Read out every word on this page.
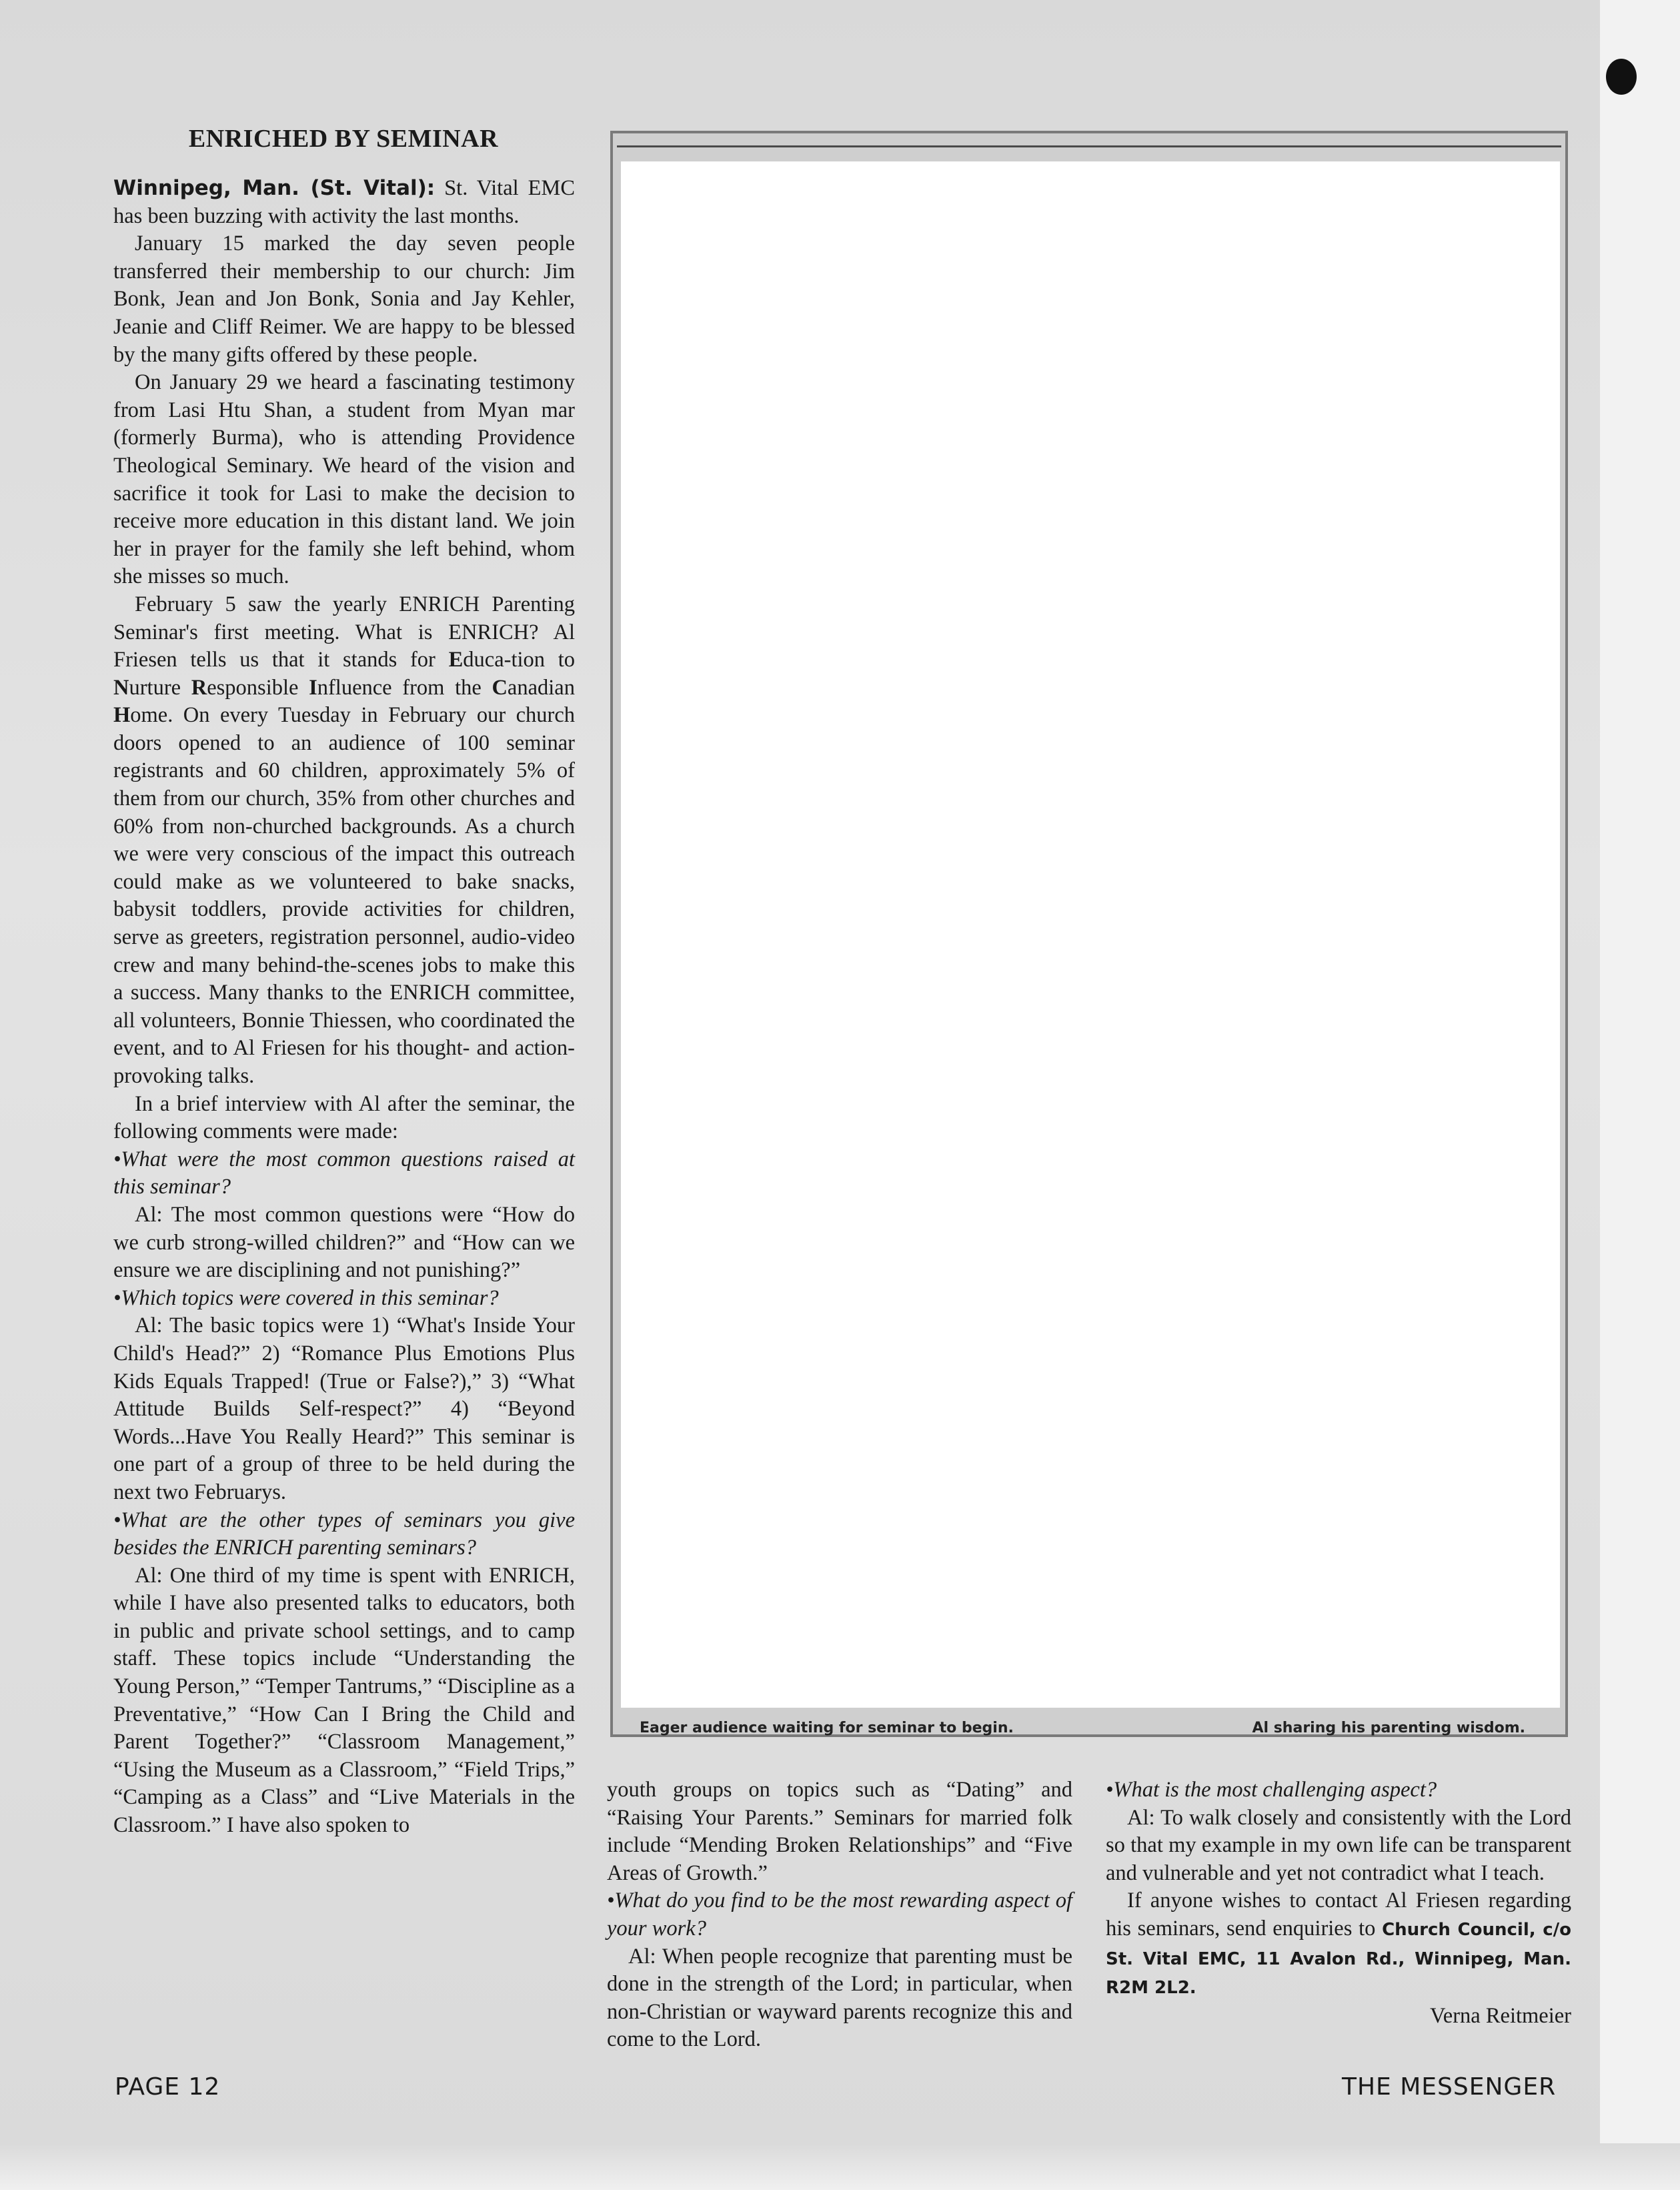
ENRICHED BY SEMINAR

Winnipeg, Man. (St. Vital): St. Vital EMC has been buzzing with activity the last months.

January 15 marked the day seven people transferred their membership to our church: Jim Bonk, Jean and Jon Bonk, Sonia and Jay Kehler, Jeanie and Cliff Reimer. We are happy to be blessed by the many gifts offered by these people.

On January 29 we heard a fascinating testimony from Lasi Htu Shan, a student from Myan mar (formerly Burma), who is attending Providence Theological Seminary. We heard of the vision and sacrifice it took for Lasi to make the decision to receive more education in this distant land. We join her in prayer for the family she left behind, whom she misses so much.

February 5 saw the yearly ENRICH Parenting Seminar's first meeting. What is ENRICH? Al Friesen tells us that it stands for Educa-tion to Nurture Responsible Influence from the Canadian Home. On every Tuesday in February our church doors opened to an audience of 100 seminar registrants and 60 children, approximately 5% of them from our church, 35% from other churches and 60% from non-churched backgrounds. As a church we were very conscious of the impact this outreach could make as we volunteered to bake snacks, babysit toddlers, provide activities for children, serve as greeters, registration personnel, audio-video crew and many behind-the-scenes jobs to make this a success. Many thanks to the ENRICH committee, all volunteers, Bonnie Thiessen, who coordinated the event, and to Al Friesen for his thought- and action-provoking talks.

In a brief interview with Al after the seminar, the following comments were made:

•What were the most common questions raised at this seminar?

Al: The most common questions were “How do we curb strong-willed children?” and “How can we ensure we are disciplining and not punishing?”

•Which topics were covered in this seminar?

Al: The basic topics were 1) “What's Inside Your Child's Head?” 2) “Romance Plus Emotions Plus Kids Equals Trapped! (True or False?),” 3) “What Attitude Builds Self-respect?” 4) “Beyond Words...Have You Really Heard?” This seminar is one part of a group of three to be held during the next two Februarys.

•What are the other types of seminars you give besides the ENRICH parenting seminars?

Al: One third of my time is spent with ENRICH, while I have also presented talks to educators, both in public and private school settings, and to camp staff. These topics include “Understanding the Young Person,” “Temper Tantrums,” “Discipline as a Preventative,” “How Can I Bring the Child and Parent Together?” “Classroom Management,” “Using the Museum as a Classroom,” “Field Trips,” “Camping as a Class” and “Live Materials in the Classroom.” I have also spoken to

Eager audience waiting for seminar to begin.	Al sharing his parenting wisdom.

youth groups on topics such as “Dating” and “Raising Your Parents.” Seminars for married folk include “Mending Broken Relationships” and “Five Areas of Growth.”

•What do you find to be the most rewarding aspect of your work?

Al: When people recognize that parenting must be done in the strength of the Lord; in particular, when non-Christian or wayward parents recognize this and come to the Lord.

•What is the most challenging aspect?

Al: To walk closely and consistently with the Lord so that my example in my own life can be transparent and vulnerable and yet not contradict what I teach.

If anyone wishes to contact Al Friesen regarding his seminars, send enquiries to Church Council, c/o St. Vital EMC, 11 Avalon Rd., Winnipeg, Man. R2M 2L2.

Verna Reitmeier

PAGE 12	THE MESSENGER
